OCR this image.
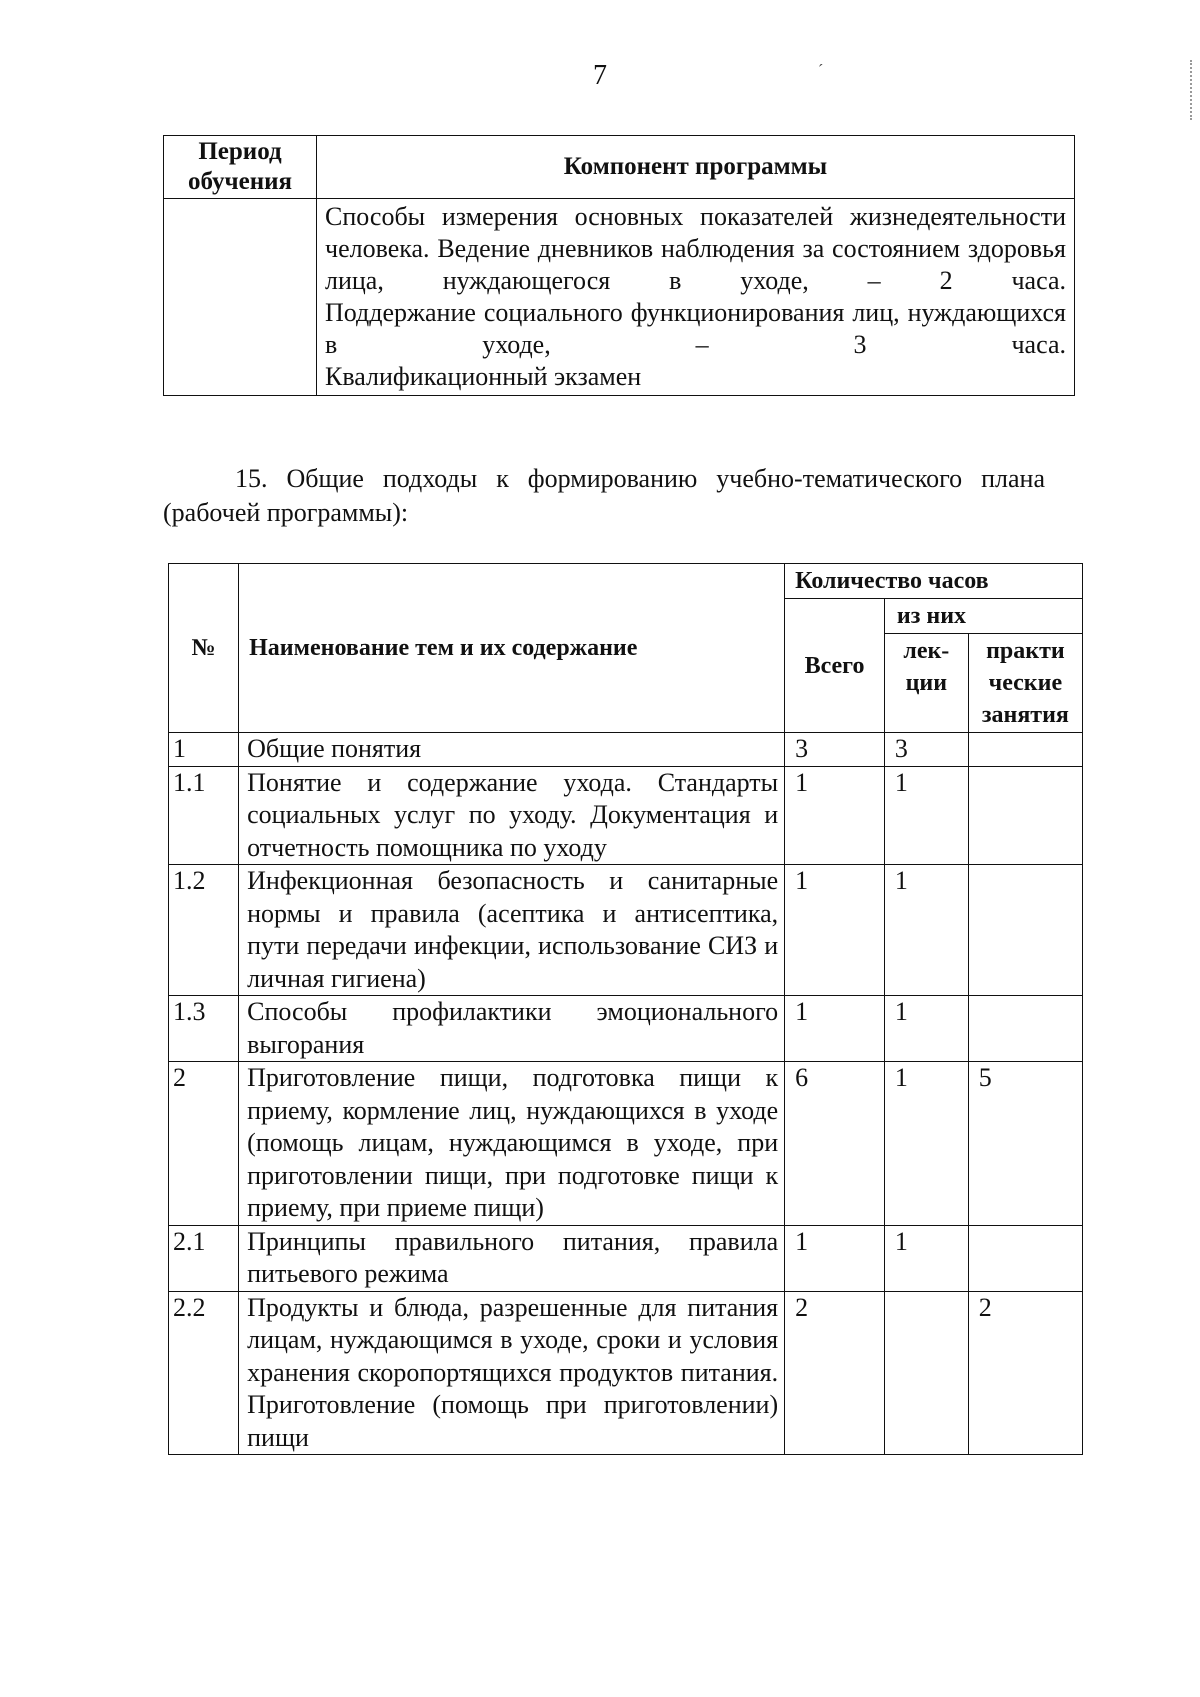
7	ˊ
Период обучения	Компонент программы

	Способы измерения основных показателей жизнедеятельности человека. Ведение дневников наблюдения за состоянием здоровья лица, нуждающегося в уходе, – 2 часа.
Поддержание социального функционирования лиц, нуждающихся в уходе, – 3 часа.
Квалификационный экзамен
15. Общие подходы к формированию учебно-тематического плана
(рабочей программы):
№	Наименование тем и их содержание	Количество часов		
		Всего	из них	
			лек-ции	практи ческие занятия
1	Общие понятия	3	3	
1.1	Понятие и содержание ухода. Стандарты социальных услуг по уходу. Документация и отчетность помощника по уходу	1	1	
1.2	Инфекционная безопасность и санитарные нормы и правила (асептика и антисептика, пути передачи инфекции, использование СИЗ и личная гигиена)	1	1	
1.3	Способы профилактики эмоционального выгорания	1	1	
2	Приготовление пищи, подготовка пищи к приему, кормление лиц, нуждающихся в уходе (помощь лицам, нуждающимся в уходе, при приготовлении пищи, при подготовке пищи к приему, при приеме пищи)	6	1	5
2.1	Принципы правильного питания, правила питьевого режима	1	1	
2.2	Продукты и блюда, разрешенные для питания лицам, нуждающимся в уходе, сроки и условия хранения скоропортящихся продуктов питания. Приготовление (помощь при приготовлении) пищи	2		2
